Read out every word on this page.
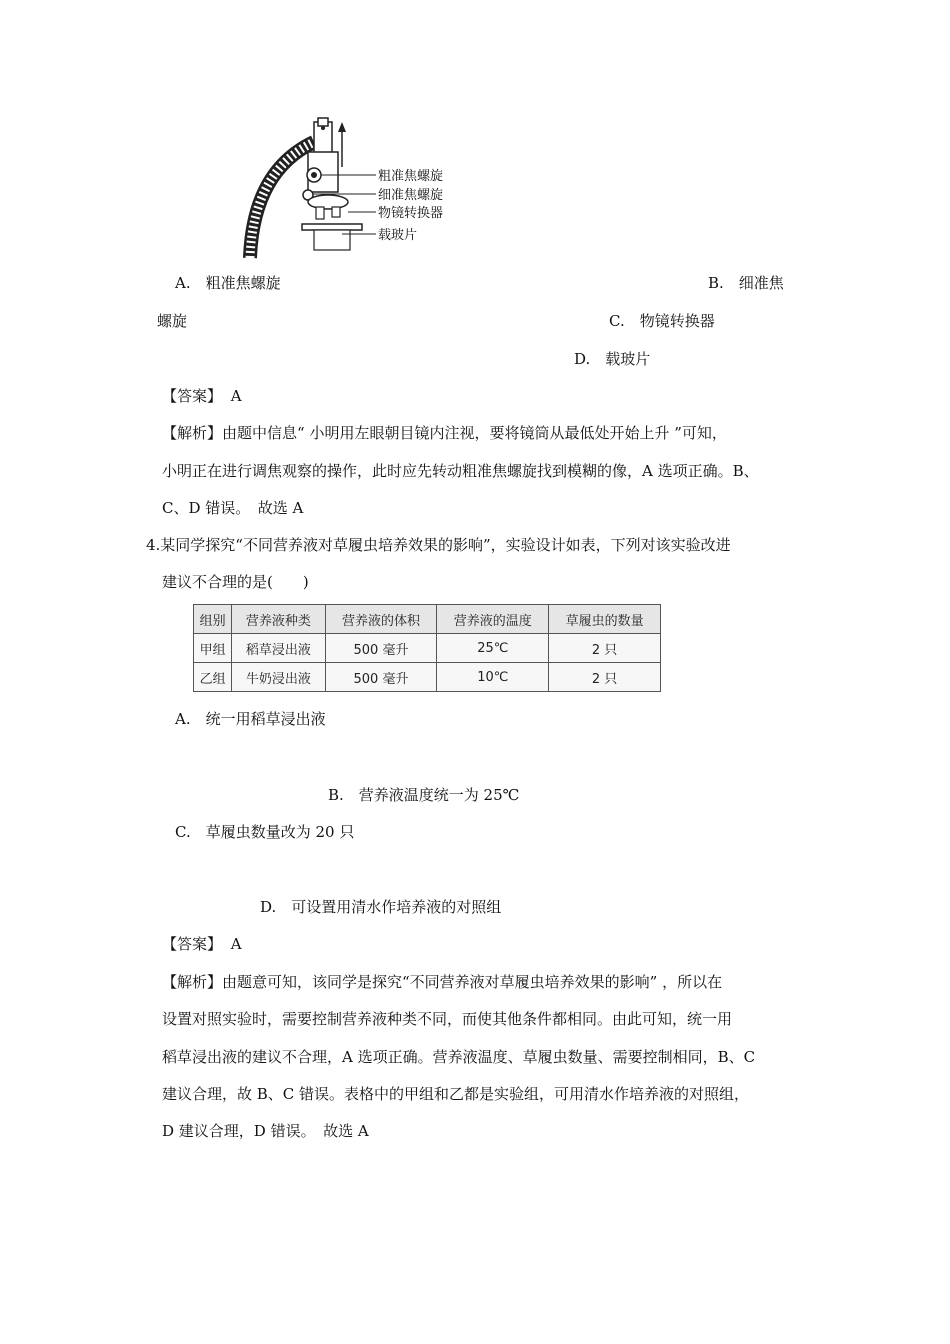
粗准焦螺旋
细准焦螺旋
物镜转换器
载玻片
A.　粗准焦螺旋	B.　细准焦
螺旋	C.　物镜转换器
D.　载玻片
【答案】 A
【解析】由题中信息“ 小明用左眼朝目镜内注视，要将镜筒从最低处开始上升 ”可知，
小明正在进行调焦观察的操作，此时应先转动粗准焦螺旋找到模糊的像，A 选项正确。B、
C、D 错误。　故选 A
4.某同学探究“不同营养液对草履虫培养效果的影响”，实验设计如表，下列对该实验改进
建议不合理的是(　　)
组别	营养液种类	营养液的体积	营养液的温度	草履虫的数量
甲组	稻草浸出液	500 毫升	25℃	2 只
乙组	牛奶浸出液	500 毫升	10℃	2 只
A.　统一用稻草浸出液
B.　营养液温度统一为 25℃
C.　草履虫数量改为 20 只
D.　可设置用清水作培养液的对照组
【答案】 A
【解析】由题意可知，该同学是探究“不同营养液对草履虫培养效果的影响” ，所以在
设置对照实验时，需要控制营养液种类不同，而使其他条件都相同。由此可知，统一用
稻草浸出液的建议不合理，A 选项正确。营养液温度、草履虫数量、需要控制相同，B、C
建议合理，故 B、C 错误。表格中的甲组和乙都是实验组，可用清水作培养液的对照组，
D 建议合理，D 错误。　故选 A
